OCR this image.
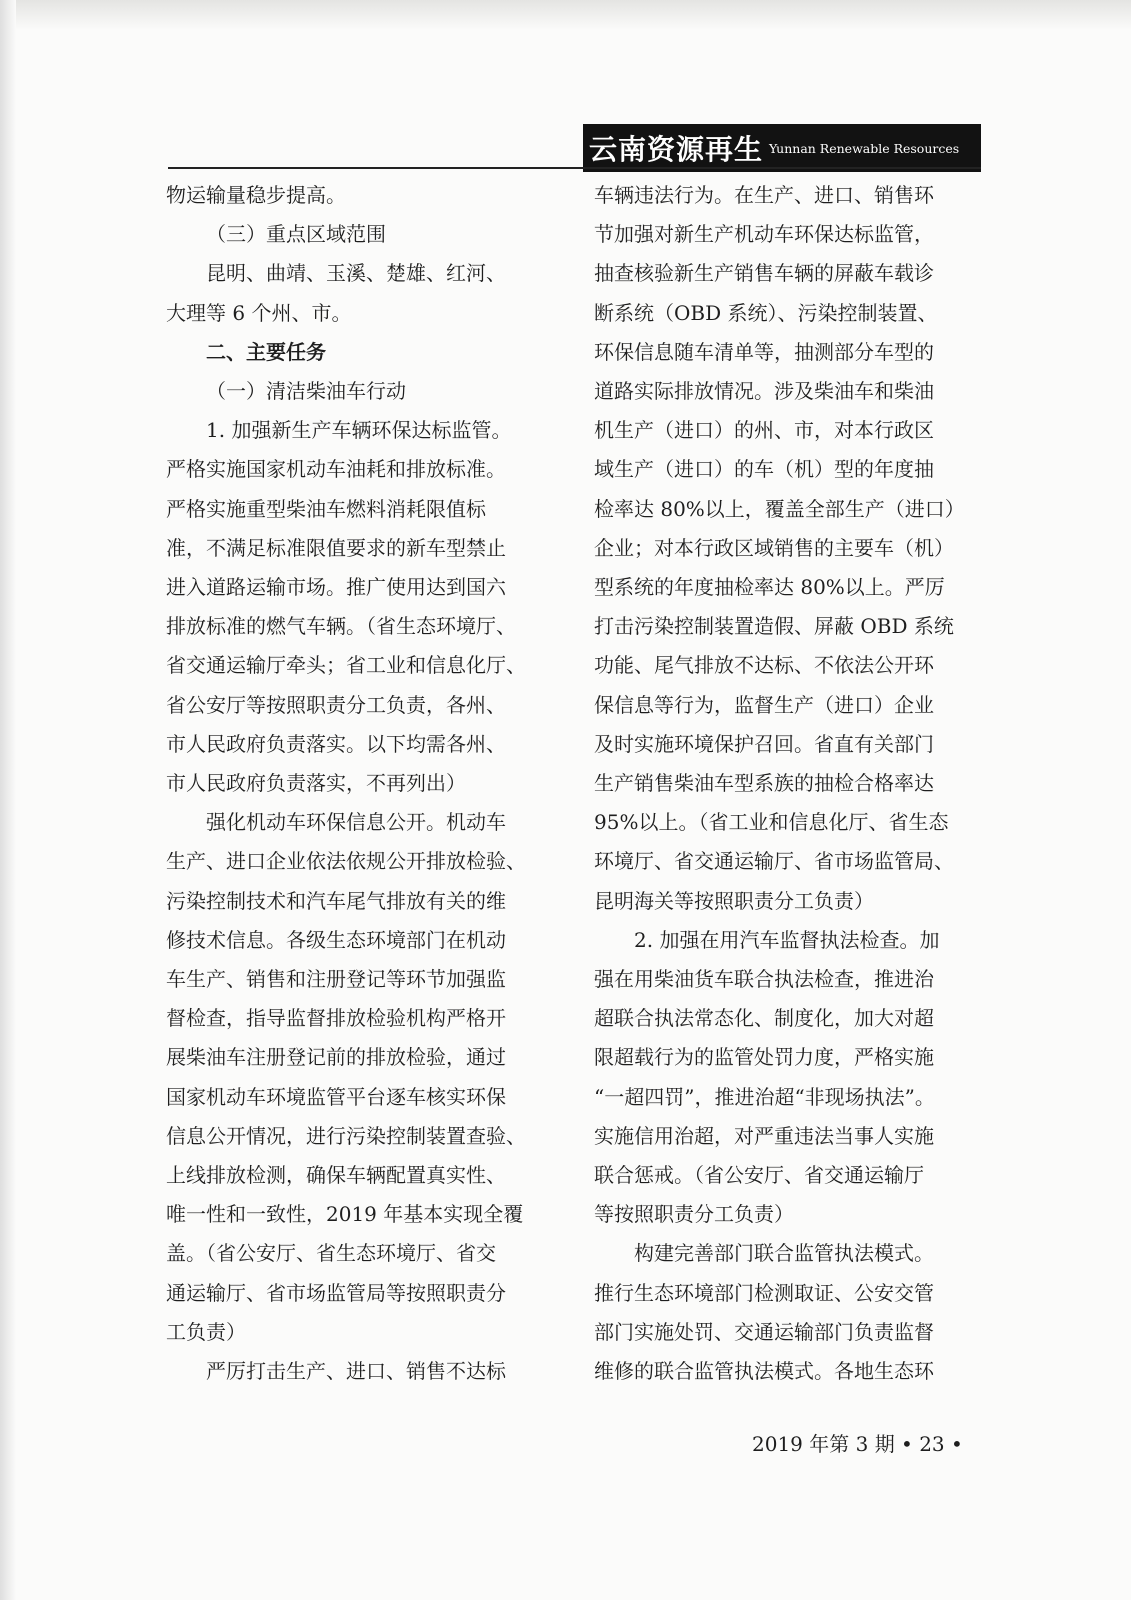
云南资源再生 Yunnan Renewable Resources

物运输量稳步提高。

（三）重点区域范围

昆明、曲靖、玉溪、楚雄、红河、

大理等 6 个州、市。

二、主要任务

（一）清洁柴油车行动

1. 加强新生产车辆环保达标监管。

严格实施国家机动车油耗和排放标准。

严格实施重型柴油车燃料消耗限值标

准，不满足标准限值要求的新车型禁止

进入道路运输市场。推广使用达到国六

排放标准的燃气车辆。（省生态环境厅、

省交通运输厅牵头；省工业和信息化厅、

省公安厅等按照职责分工负责，各州、

市人民政府负责落实。以下均需各州、

市人民政府负责落实，不再列出）

强化机动车环保信息公开。机动车

生产、进口企业依法依规公开排放检验、

污染控制技术和汽车尾气排放有关的维

修技术信息。各级生态环境部门在机动

车生产、销售和注册登记等环节加强监

督检查，指导监督排放检验机构严格开

展柴油车注册登记前的排放检验，通过

国家机动车环境监管平台逐车核实环保

信息公开情况，进行污染控制装置查验、

上线排放检测，确保车辆配置真实性、

唯一性和一致性，2019 年基本实现全覆

盖。（省公安厅、省生态环境厅、省交

通运输厅、省市场监管局等按照职责分

工负责）

严厉打击生产、进口、销售不达标

车辆违法行为。在生产、进口、销售环

节加强对新生产机动车环保达标监管，

抽查核验新生产销售车辆的屏蔽车载诊

断系统（OBD 系统）、污染控制装置、

环保信息随车清单等，抽测部分车型的

道路实际排放情况。涉及柴油车和柴油

机生产（进口）的州、市，对本行政区

域生产（进口）的车（机）型的年度抽

检率达 80%以上，覆盖全部生产（进口）

企业；对本行政区域销售的主要车（机）

型系统的年度抽检率达 80%以上。严厉

打击污染控制装置造假、屏蔽 OBD 系统

功能、尾气排放不达标、不依法公开环

保信息等行为，监督生产（进口）企业

及时实施环境保护召回。省直有关部门

生产销售柴油车型系族的抽检合格率达

95%以上。（省工业和信息化厅、省生态

环境厅、省交通运输厅、省市场监管局、

昆明海关等按照职责分工负责）

2. 加强在用汽车监督执法检查。加

强在用柴油货车联合执法检查，推进治

超联合执法常态化、制度化，加大对超

限超载行为的监管处罚力度，严格实施

“一超四罚”，推进治超“非现场执法”。

实施信用治超，对严重违法当事人实施

联合惩戒。（省公安厅、省交通运输厅

等按照职责分工负责）

构建完善部门联合监管执法模式。

推行生态环境部门检测取证、公安交管

部门实施处罚、交通运输部门负责监督

维修的联合监管执法模式。各地生态环

2019 年第 3 期 • 23 •
